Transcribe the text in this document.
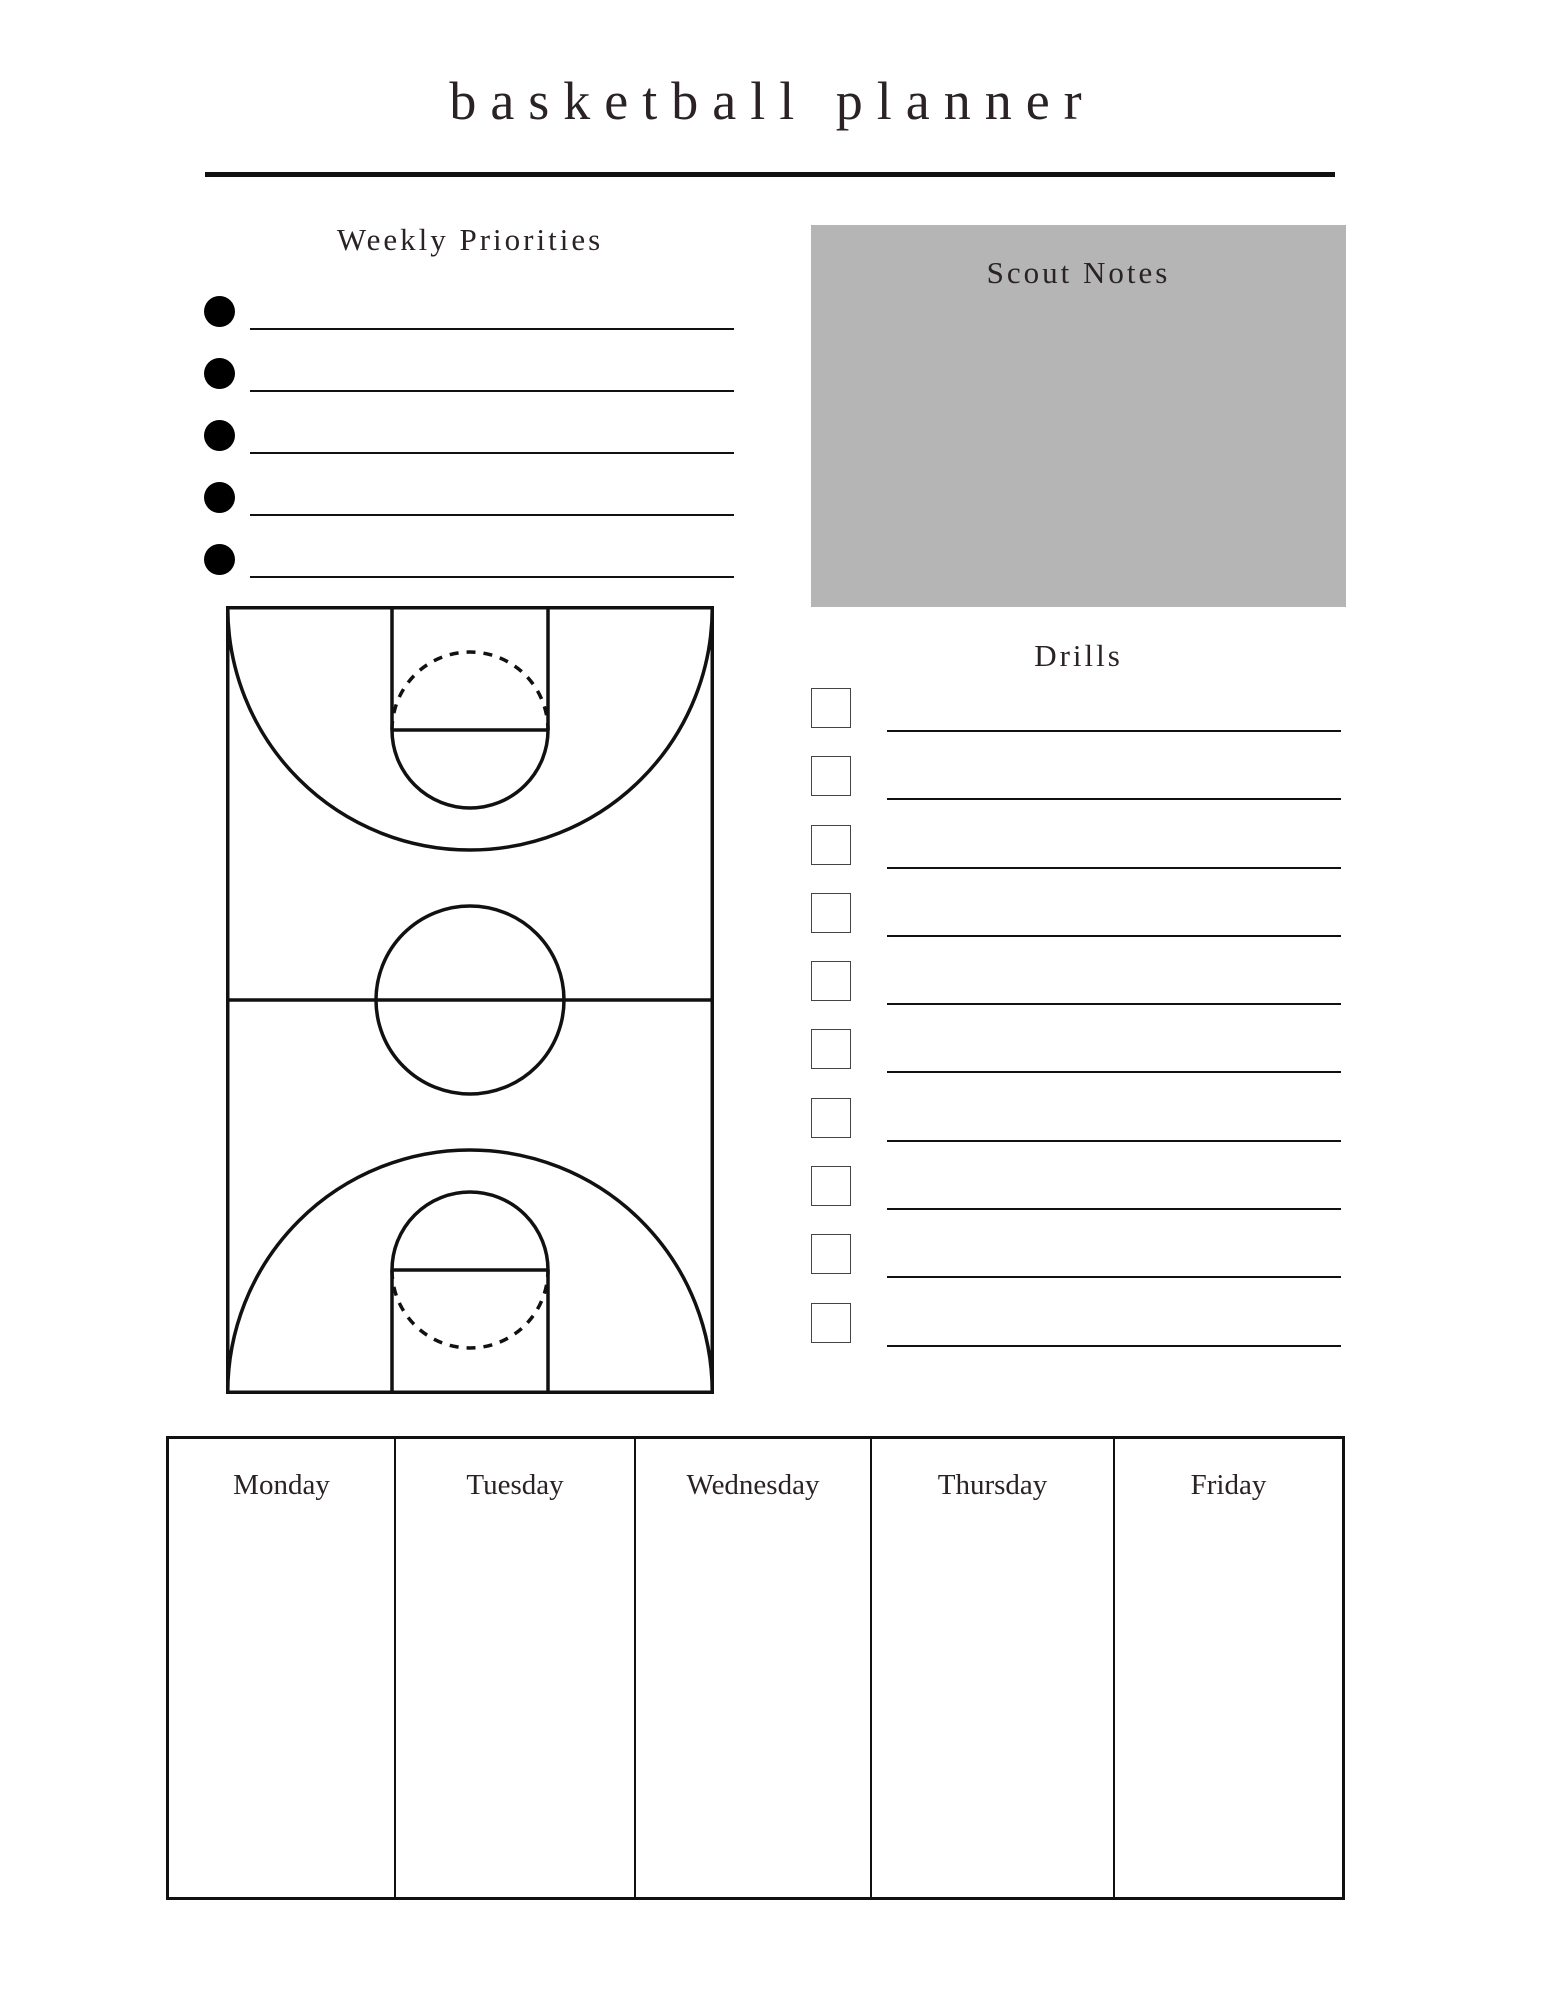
basketball planner
Weekly Priorities
Scout Notes
Drills
Monday	Tuesday	Wednesday	Thursday	Friday
